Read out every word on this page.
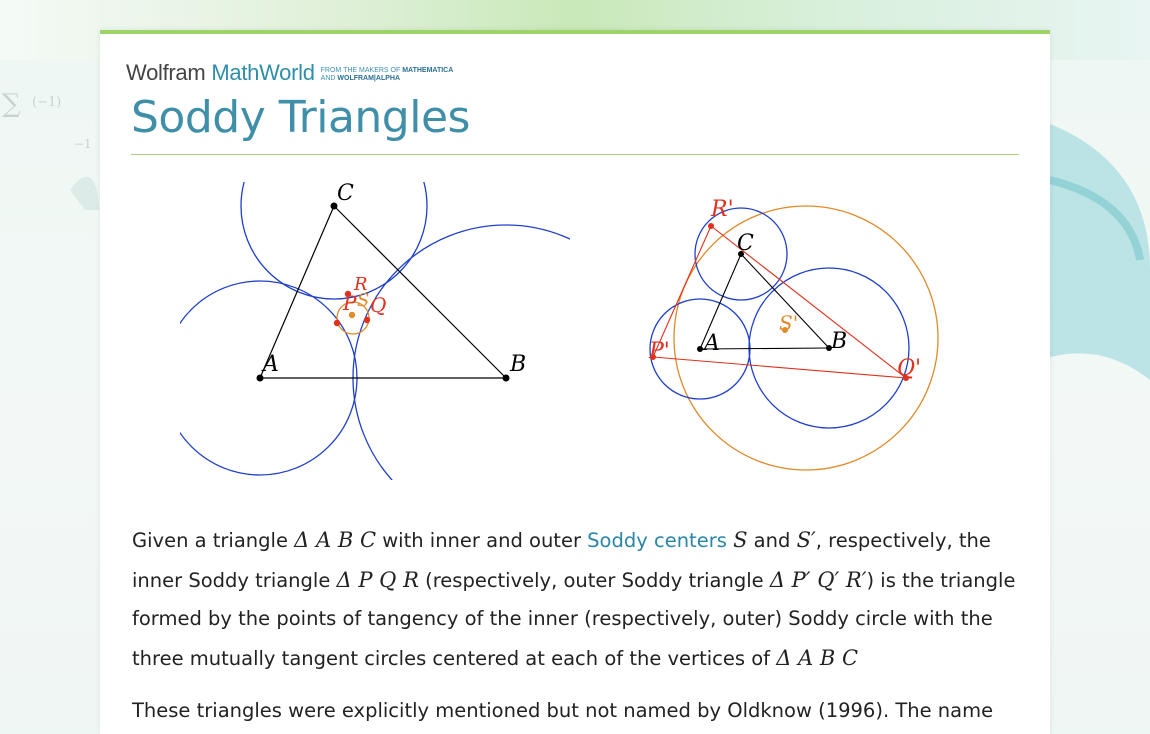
∑ (−1)
−1
Wolfram MathWorld FROM THE MAKERS OF MATHEMATICA
AND WOLFRAM|ALPHA
Soddy Triangles
A	B
C
P Q
R
S
A	B
C
P'
Q'
R'
S'

Given a triangle Δ A B C with inner and outer Soddy centers S and S′, respectively, the inner Soddy triangle Δ P Q R (respectively, outer Soddy triangle Δ P′ Q′ R′) is the triangle formed by the points of tangency of the inner (respectively, outer) Soddy circle with the three mutually tangent circles centered at each of the vertices of Δ A B C

These triangles were explicitly mentioned but not named by Oldknow (1996). The name
